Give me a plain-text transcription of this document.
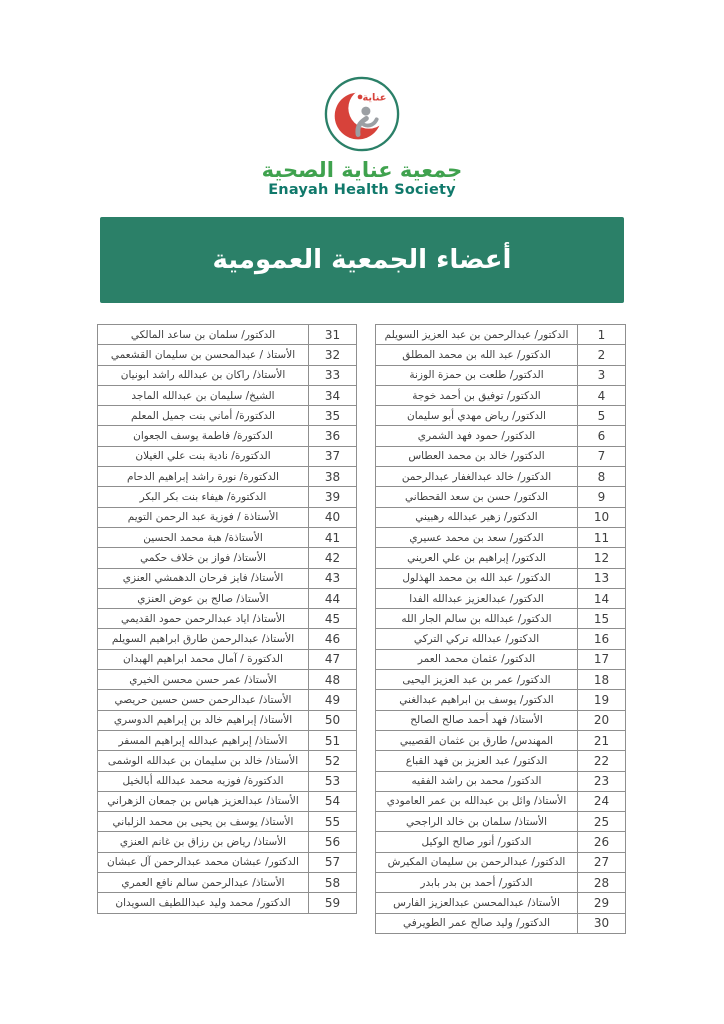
عناية
جمعية عناية الصحية
Enayah Health Society
أعضاء الجمعية العمومية
1	الدكتور/ عبدالرحمن بن عبد العزيز السويلم
2	الدكتور/ عبد الله بن محمد المطلق
3	الدكتور/ طلعت بن حمزة الوزنة
4	الدكتور/ توفيق بن أحمد خوجة
5	الدكتور/ رياض مهدي أبو سليمان
6	الدكتور/ حمود فهد الشمري
7	الدكتور/ خالد بن محمد العطاس
8	الدكتور/ خالد عبدالغفار عبدالرحمن
9	الدكتور/ حسن بن سعد القحطاني
10	الدكتور/ زهير عبدالله رهبيني
11	الدكتور/ سعد بن محمد عسيري
12	الدكتور/ إبراهيم بن علي العريني
13	الدكتور/ عبد الله بن محمد الهذلول
14	الدكتور/ عبدالعزيز عبدالله الفدا
15	الدكتور/ عبدالله بن سالم الجار الله
16	الدكتور/ عبدالله تركي التركي
17	الدكتور/ عثمان محمد العمر
18	الدكتور/ عمر بن عبد العزيز اليحيى
19	الدكتور/ يوسف بن ابراهيم عبدالغني
20	الأستاذ/ فهد أحمد صالح الصالح
21	المهندس/ طارق بن عثمان القصيبي
22	الدكتور/ عبد العزيز بن فهد القباع
23	الدكتور/ محمد بن راشد الفقيه
24	الأستاذ/ وائل بن عبدالله بن عمر العامودي
25	الأستاذ/ سلمان بن خالد الراجحي
26	الدكتور/ أنور صالح الوكيل
27	الدكتور/ عبدالرحمن بن سليمان المكيرش
28	الدكتور/ أحمد بن بدر بابدر
29	الأستاذ/ عبدالمحسن عبدالعزيز الفارس
30	الدكتور/ وليد صالح عمر الطويرفي
31	الدكتور/ سلمان بن ساعد المالكي
32	الأستاذ / عبدالمحسن بن سليمان القشعمي
33	الأستاذ/ راكان بن عبدالله راشد ابونيان
34	الشيخ/ سليمان بن عبدالله الماجد
35	الدكتورة/ أماني بنت جميل المعلم
36	الدكتورة/ فاطمة يوسف الجعوان
37	الدكتورة/ نادية بنت علي الغيلان
38	الدكتورة/ نورة راشد إبراهيم الدحام
39	الدكتورة/ هيفاء بنت بكر البكر
40	الأستاذة / فوزية عبد الرحمن التويم
41	الأستاذة/ هبة محمد الحسين
42	الأستاذ/ فواز بن خلاف حكمي
43	الأستاذ/ فايز فرحان الدهمشي العنزي
44	الأستاذ/ صالح بن عوض العنزي
45	الأستاذ/ اياد عبدالرحمن حمود القديمي
46	الأستاذ/ عبدالرحمن طارق ابراهيم السويلم
47	الدكتورة / آمال محمد ابراهيم الهبدان
48	الأستاذ/ عمر حسن محسن الخيري
49	الأستاذ/ عبدالرحمن حسن حسين حريصي
50	الأستاذ/ إبراهيم خالد بن إبراهيم الدوسري
51	الأستاذ/ إبراهيم عبدالله إبراهيم المسفر
52	الأستاذ/ خالد بن سليمان بن عبدالله الوشمى
53	الدكتورة/ فوزيه محمد عبدالله أبالخيل
54	الأستاذ/ عبدالعزيز هياس بن جمعان الزهراني
55	الأستاذ/ يوسف بن يحيى بن محمد الزلباني
56	الأستاذ/ رياض بن رزاق بن غانم العنزي
57	الدكتور/ عبشان محمد عبدالرحمن آل عبشان
58	الأستاذ/ عبدالرحمن سالم نافع العمري
59	الدكتور/ محمد وليد عبداللطيف السويدان
